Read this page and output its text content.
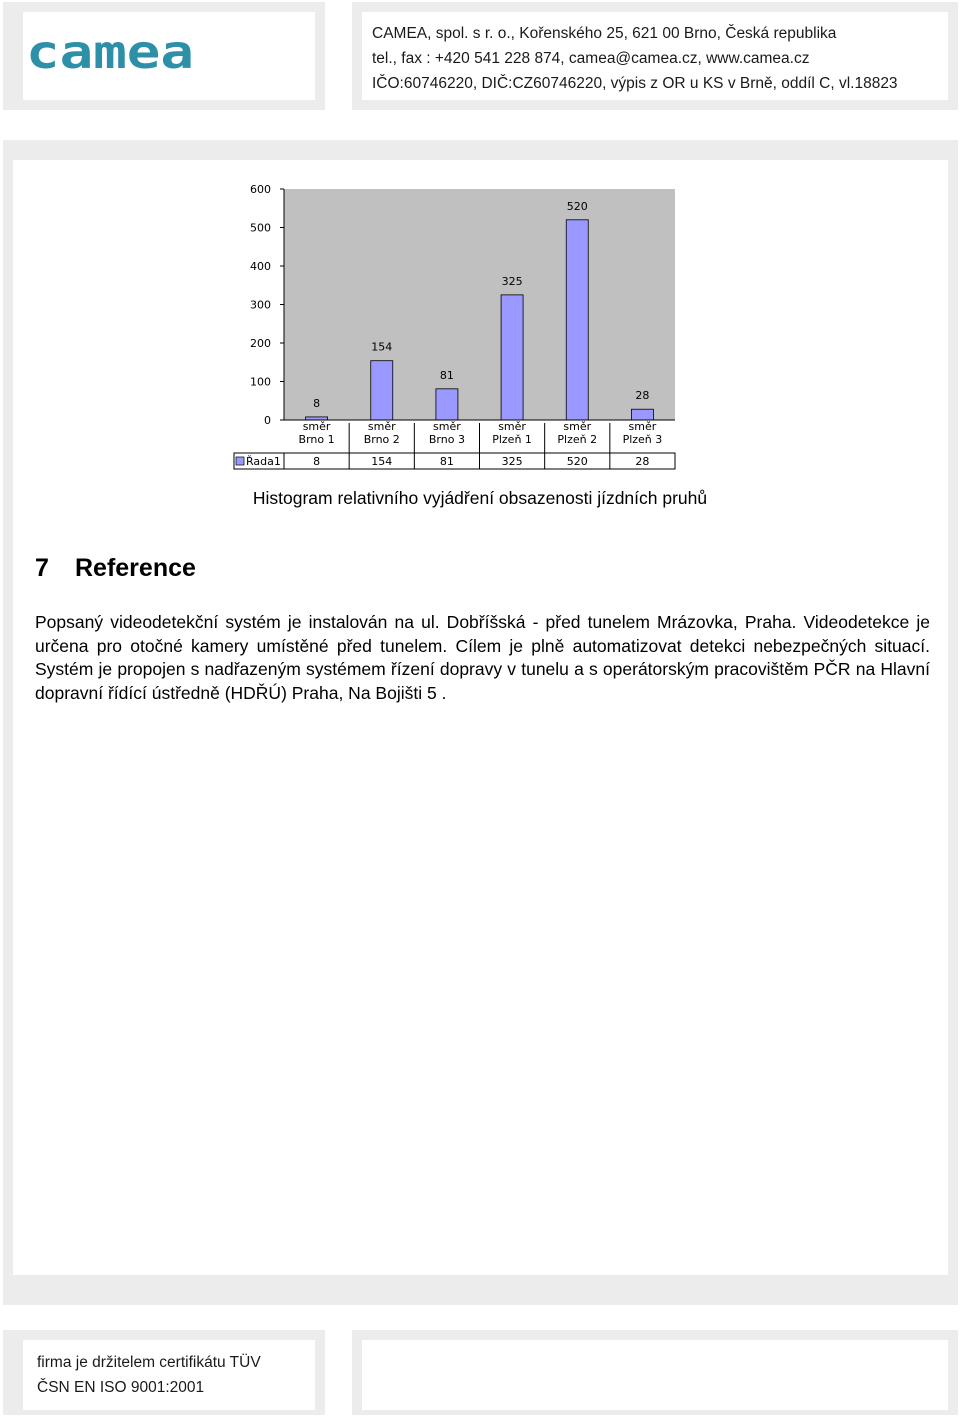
camea	CAMEA, spol. s r. o., Kořenského 25, 621 00 Brno, Česká republika
tel., fax : +420 541 228 874, camea@camea.cz, www.camea.cz
IČO:60746220, DIČ:CZ60746220, výpis z OR u KS v Brně, oddíl C, vl.18823
0
100
200
300
400
500
600
8
směr
Brno 1
154
směr
Brno 2
81
směr
Brno 3
325
směr
Plzeň 1
520
směr
Plzeň 2
28
směr
Plzeň 3
Řada1	8	154	81	325	520	28
Histogram relativního vyjádření obsazenosti jízdních pruhů
7 Reference
Popsaný videodetekční systém je instalován na ul. Dobříšská - před tunelem Mrázovka, Praha. Videodetekce je určena pro otočné kamery umístěné před tunelem. Cílem je plně automatizovat detekci nebezpečných situací. Systém je propojen s nadřazeným systémem řízení dopravy v tunelu a s operátorským pracovištěm PČR na Hlavní dopravní řídící ústředně (HDŘÚ) Praha, Na Bojišti 5 .
firma je držitelem certifikátu TÜV
ČSN EN ISO 9001:2001
